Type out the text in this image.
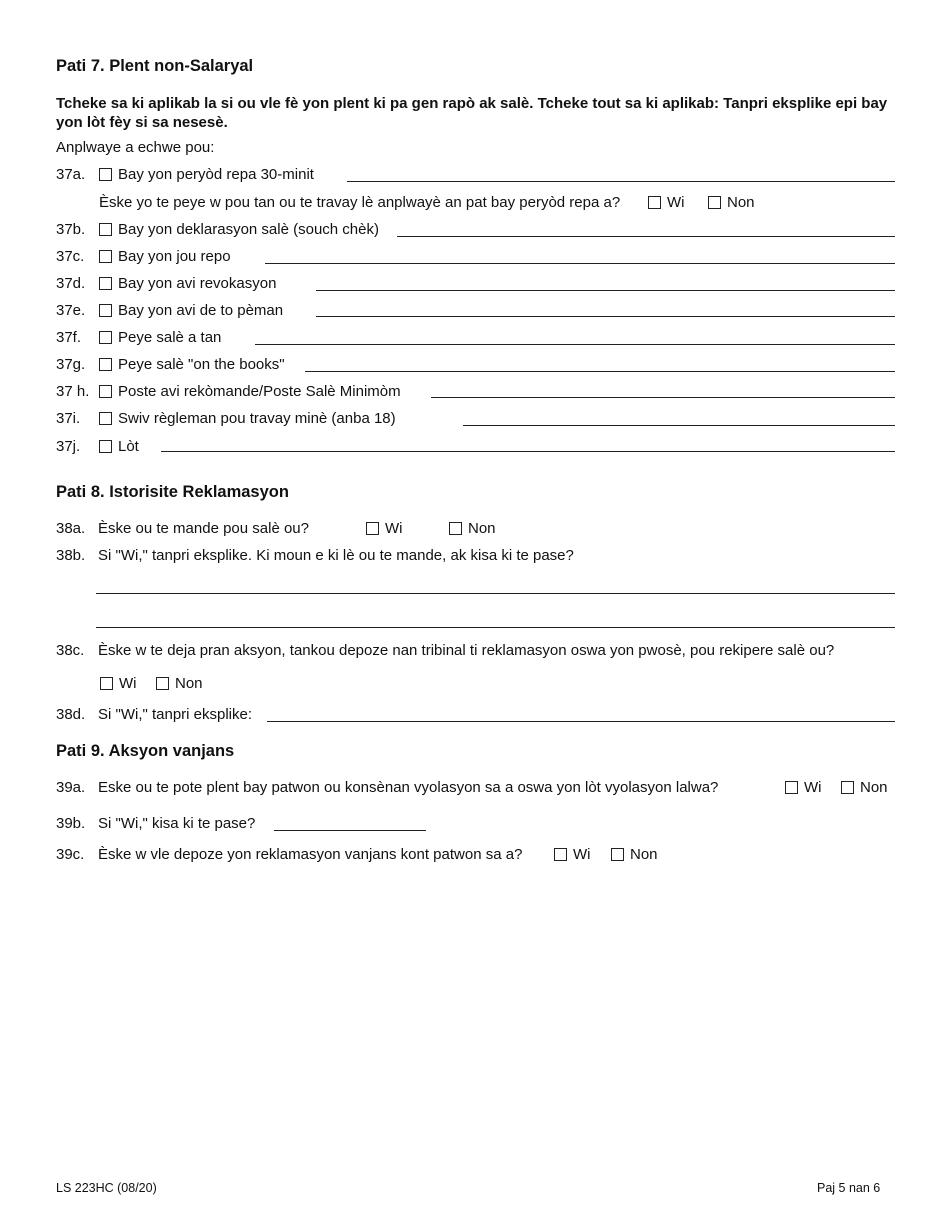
Pati 7. Plent non-Salaryal
Tcheke sa ki aplikab la si ou vle fè yon plent ki pa gen rapò ak salè. Tcheke tout sa ki aplikab: Tanpri eksplike epi bay yon lòt fèy si sa nesesè.
Anplwaye a echwe pou:
37a.	Bay yon peryòd repa 30-minit
Èske yo te peye w pou tan ou te travay lè anplwayè an pat bay peryòd repa a?	Wi	Non
37b.	Bay yon deklarasyon salè (souch chèk)
37c.	Bay yon jou repo
37d.	Bay yon avi revokasyon
37e.	Bay yon avi de to pèman
37f.	Peye salè a tan
37g.	Peye salè "on the books"
37 h.	Poste avi rekòmande/Poste Salè Minimòm
37i.	Swiv règleman pou travay minè (anba 18)
37j.	Lòt
Pati 8. Istorisite Reklamasyon
38a. Èske ou te mande pou salè ou?	Wi	Non
38b. Si "Wi," tanpri eksplike. Ki moun e ki lè ou te mande, ak kisa ki te pase?
38c. Èske w te deja pran aksyon, tankou depoze nan tribinal ti reklamasyon oswa yon pwosè, pou rekipere salè ou?
Wi	Non
38d. Si "Wi," tanpri eksplike:
Pati 9. Aksyon vanjans
39a. Eske ou te pote plent bay patwon ou konsènan vyolasyon sa a oswa yon lòt vyolasyon lalwa?	Wi	Non
39b. Si "Wi," kisa ki te pase?
39c. Èske w vle depoze yon reklamasyon vanjans kont patwon sa a?	Wi	Non
LS 223HC (08/20)	Paj 5 nan 6
